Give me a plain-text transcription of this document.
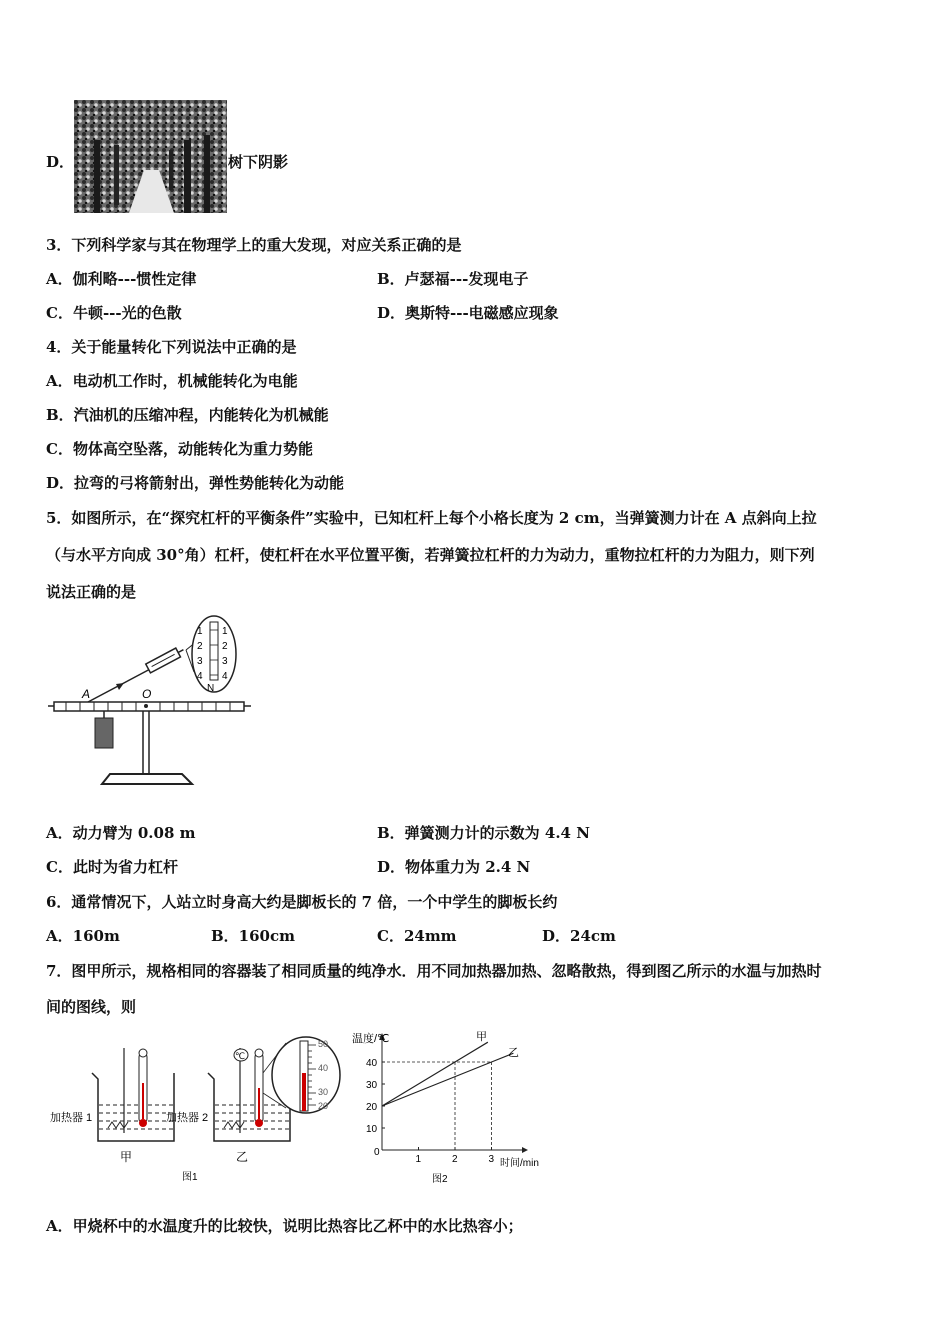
D．	树下阴影
3．下列科学家与其在物理学上的重大发现，对应关系正确的是
A．伽利略---惯性定律	B．卢瑟福---发现电子
C．牛顿---光的色散	D．奥斯特---电磁感应现象
4．关于能量转化下列说法中正确的是
A．电动机工作时，机械能转化为电能
B．汽油机的压缩冲程，内能转化为机械能
C．物体高空坠落，动能转化为重力势能
D．拉弯的弓将箭射出，弹性势能转化为动能
5．如图所示，在“探究杠杆的平衡条件”实验中，已知杠杆上每个小格长度为 2 cm，当弹簧测力计在 A 点斜向上拉
（与水平方向成 30°角）杠杆，使杠杆在水平位置平衡，若弹簧拉杠杆的力为动力，重物拉杠杆的力为阻力，则下列
说法正确的是
1
2
3
4
1
2
3
4
N
A	O
A．动力臂为 0.08 m	B．弹簧测力计的示数为 4.4 N
C．此时为省力杠杆	D．物体重力为 2.4 N
6．通常情况下，人站立时身高大约是脚板长的 7 倍，一个中学生的脚板长约
A．160m	B．160cm	C．24mm	D．24cm
7．图甲所示，规格相同的容器装了相同质量的纯净水．用不同加热器加热、忽略散热，得到图乙所示的水温与加热时
间的图线，则
加热器 1
甲
℃
加热器 2
乙
50
40
30
20
图1
1	2	3
10
20
30
40
温度/℃
时间/min
0
甲
乙
图2
A．甲烧杯中的水温度升的比较快，说明比热容比乙杯中的水比热容小；
